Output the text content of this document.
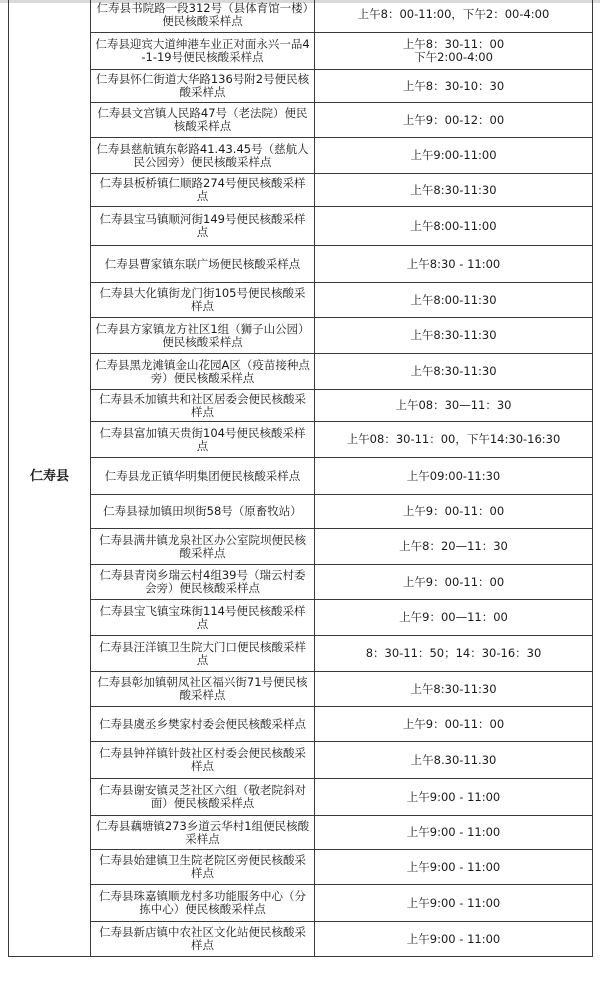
仁寿县	仁寿县书院路一段312号（县体育馆一楼）便民核酸采样点	上午8：00-11:00，下午2：00-4:00
	仁寿县迎宾大道绅港车业正对面永兴一品4-1-19号便民核酸采样点	上午8：30-11：00
下午2:00-4:00
	仁寿县怀仁街道大华路136号附2号便民核酸采样点	上午8：30-10：30
	仁寿县文宫镇人民路47号（老法院）便民核酸采样点	上午9：00-12：00
	仁寿县慈航镇东彰路41.43.45号（慈航人民公园旁）便民核酸采样点	上午9:00-11:00
	仁寿县板桥镇仁顺路274号便民核酸采样点	上午8:30-11:30
	仁寿县宝马镇顺河街149号便民核酸采样点	上午8:00-11:00
	仁寿县曹家镇东联广场便民核酸采样点	上午8:30 - 11:00
	仁寿县大化镇街龙门街105号便民核酸采样点	上午8:00-11:30
	仁寿县方家镇龙方社区1组（狮子山公园）便民核酸采样点	上午8:30-11:30
	仁寿县黑龙滩镇金山花园A区（疫苗接种点旁）便民核酸采样点	上午8:30-11:30
	仁寿县禾加镇共和社区居委会便民核酸采样点	上午08：30—11：30
	仁寿县富加镇天贵街104号便民核酸采样点	上午08：30-11：00，下午14:30-16:30
	仁寿县龙正镇华明集团便民核酸采样点	上午09:00-11:30
	仁寿县禄加镇田坝街58号（原畜牧站）	上午9：00-11：00
	仁寿县满井镇龙泉社区办公室院坝便民核酸采样点	上午8：20—11：30
	仁寿县青岗乡瑞云村4组39号（瑞云村委会旁）便民核酸采样点	上午9：00-11：00
	仁寿县宝飞镇宝珠街114号便民核酸采样点	上午9：00—11：00
	仁寿县汪洋镇卫生院大门口便民核酸采样点	8：30-11：50；14：30-16：30
	仁寿县彰加镇朝凤社区福兴街71号便民核酸采样点	上午8:30-11:30
	仁寿县虞丞乡樊家村委会便民核酸采样点	上午9：00-11：00
	仁寿县钟祥镇针鼓社区村委会便民核酸采样点	上午8.30-11.30
	仁寿县谢安镇灵芝社区六组（敬老院斜对面）便民核酸采样点	上午9:00 - 11:00
	仁寿县藕塘镇273乡道云华村1组便民核酸采样点	上午9:00 - 11:00
	仁寿县始建镇卫生院老院区旁便民核酸采样点	上午9:00 - 11:00
	仁寿县珠嘉镇顺龙村多功能服务中心（分拣中心）便民核酸采样点	上午9:00 - 11:00
	仁寿县新店镇中农社区文化站便民核酸采样点	上午9:00 - 11:00
